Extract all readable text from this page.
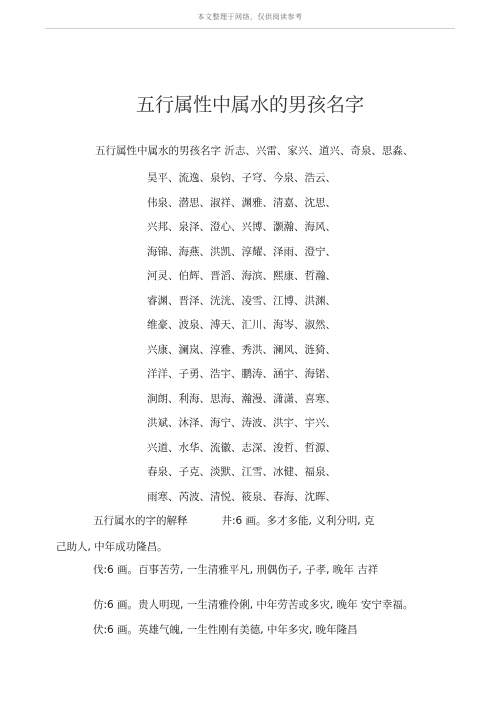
本文整理于网络，仅供阅读参考
五行属性中属水的男孩名字
五行属性中属水的男孩名字 沂志、兴雷、家兴、道兴、奇泉、思淼、
昊平、流逸、泉钧、子穹、今泉、浩云、
伟泉、潜思、淑祥、渊雅、清嘉、沈思、
兴邦、泉泽、澄心、兴博、灏瀚、海风、
海锦、海燕、洪凯、淳耀、泽雨、澄宁、
河灵、伯辉、晋滔、海滨、熙康、哲瀚、
睿渊、晋泽、洸洸、凌雪、江博、洪渊、
维豪、波泉、溥天、汇川、海岑、淑然、
兴康、澜岚、淳雅、秀洪、澜风、涟猗、
洋洋、子勇、浩宇、鹏涛、涵宇、海锘、
涧朗、利海、思海、瀚漫、潇潇、喜寒、
洪斌、沐泽、海宁、涛波、洪宇、宇兴、
兴道、水华、流徽、志深、浚哲、哲源、
春泉、子克、淡默、江雪、冰健、福泉、
雨寒、芮波、清悦、筱泉、春海、沈晖、
五行属水的字的解释	井:6 画。多才多能, 义利分明, 克
己助人, 中年成功隆昌。
伐:6 画。百事苦劳, 一生清雅平凡, 刑偶伤子, 子孝, 晚年 吉祥
仿:6 画。贵人明现, 一生清雅伶俐, 中年劳苦或多灾, 晚年 安宁幸福。
伏:6 画。英雄气魄, 一生性刚有美德, 中年多灾, 晚年隆昌
